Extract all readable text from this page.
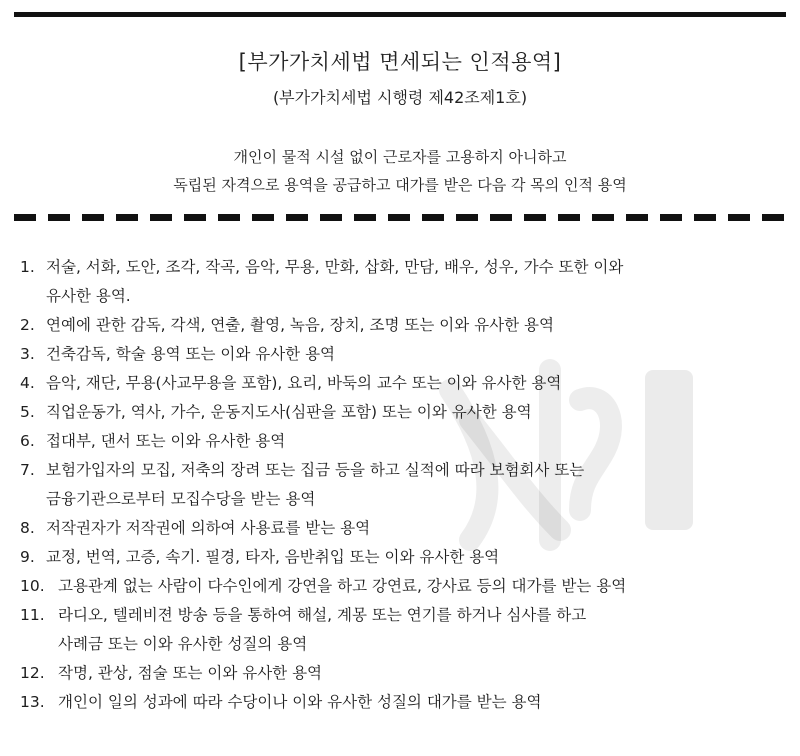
[부가가치세법 면세되는 인적용역]
(부가가치세법 시행령 제42조제1호)
개인이 물적 시설 없이 근로자를 고용하지 아니하고
독립된 자격으로 용역을 공급하고 대가를 받은 다음 각 목의 인적 용역
1. 저술, 서화, 도안, 조각, 작곡, 음악, 무용, 만화, 삽화, 만담, 배우, 성우, 가수 또한 이와
유사한 용역.
2. 연예에 관한 감독, 각색, 연출, 촬영, 녹음, 장치, 조명 또는 이와 유사한 용역
3. 건축감독, 학술 용역 또는 이와 유사한 용역
4. 음악, 재단, 무용(사교무용을 포함), 요리, 바둑의 교수 또는 이와 유사한 용역
5. 직업운동가, 역사, 가수, 운동지도사(심판을 포함) 또는 이와 유사한 용역
6. 접대부, 댄서 또는 이와 유사한 용역
7. 보험가입자의 모집, 저축의 장려 또는 집금 등을 하고 실적에 따라 보험회사 또는
금융기관으로부터 모집수당을 받는 용역
8. 저작권자가 저작권에 의하여 사용료를 받는 용역
9. 교정, 번역, 고증, 속기. 필경, 타자, 음반취입 또는 이와 유사한 용역
10. 고용관계 없는 사람이 다수인에게 강연을 하고 강연료, 강사료 등의 대가를 받는 용역
11. 라디오, 텔레비젼 방송 등을 통하여 해설, 계몽 또는 연기를 하거나 심사를 하고
사례금 또는 이와 유사한 성질의 용역
12. 작명, 관상, 점술 또는 이와 유사한 용역
13. 개인이 일의 성과에 따라 수당이나 이와 유사한 성질의 대가를 받는 용역
